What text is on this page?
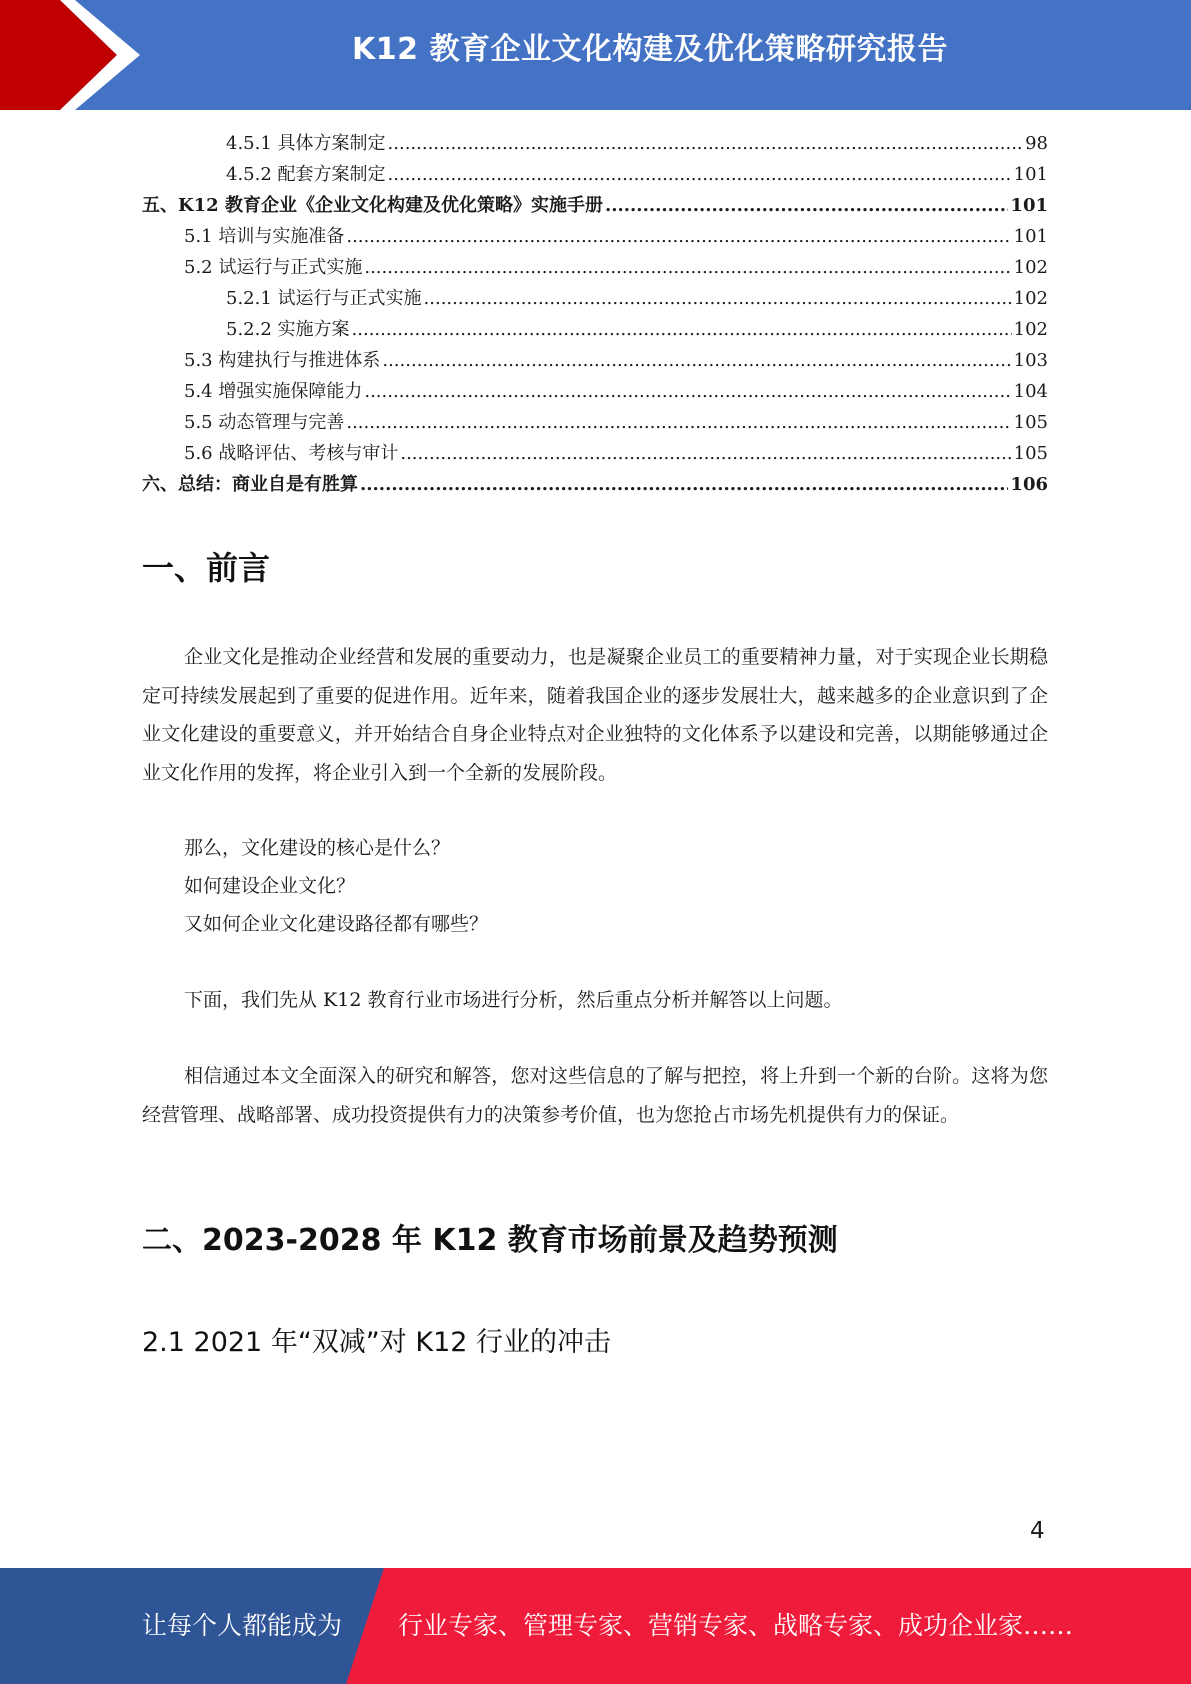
K12 教育企业文化构建及优化策略研究报告
4.5.1 具体方案制定 .....	98
4.5.2 配套方案制定 .....	101
五、K12 教育企业《企业文化构建及优化策略》实施手册 .....	101
5.1 培训与实施准备 .....	101
5.2 试运行与正式实施 .....	102
5.2.1 试运行与正式实施 .....	102
5.2.2 实施方案 .....	102
5.3 构建执行与推进体系 .....	103
5.4 增强实施保障能力 .....	104
5.5 动态管理与完善 .....	105
5.6 战略评估、考核与审计 .....	105
六、总结：商业自是有胜算 .....	106
一、前言

企业文化是推动企业经营和发展的重要动力，也是凝聚企业员工的重要精神力量，对于实现企业长期稳定可持续发展起到了重要的促进作用。近年来，随着我国企业的逐步发展壮大，越来越多的企业意识到了企业文化建设的重要意义，并开始结合自身企业特点对企业独特的文化体系予以建设和完善，以期能够通过企业文化作用的发挥，将企业引入到一个全新的发展阶段。

那么，文化建设的核心是什么？
如何建设企业文化？
又如何企业文化建设路径都有哪些？

下面，我们先从 K12 教育行业市场进行分析，然后重点分析并解答以上问题。

相信通过本文全面深入的研究和解答，您对这些信息的了解与把控，将上升到一个新的台阶。这将为您经营管理、战略部署、成功投资提供有力的决策参考价值，也为您抢占市场先机提供有力的保证。

二、2023-2028 年 K12 教育市场前景及趋势预测
2.1 2021 年“双减”对 K12 行业的冲击
4
让每个人都能成为 行业专家、管理专家、营销专家、战略专家、成功企业家……
